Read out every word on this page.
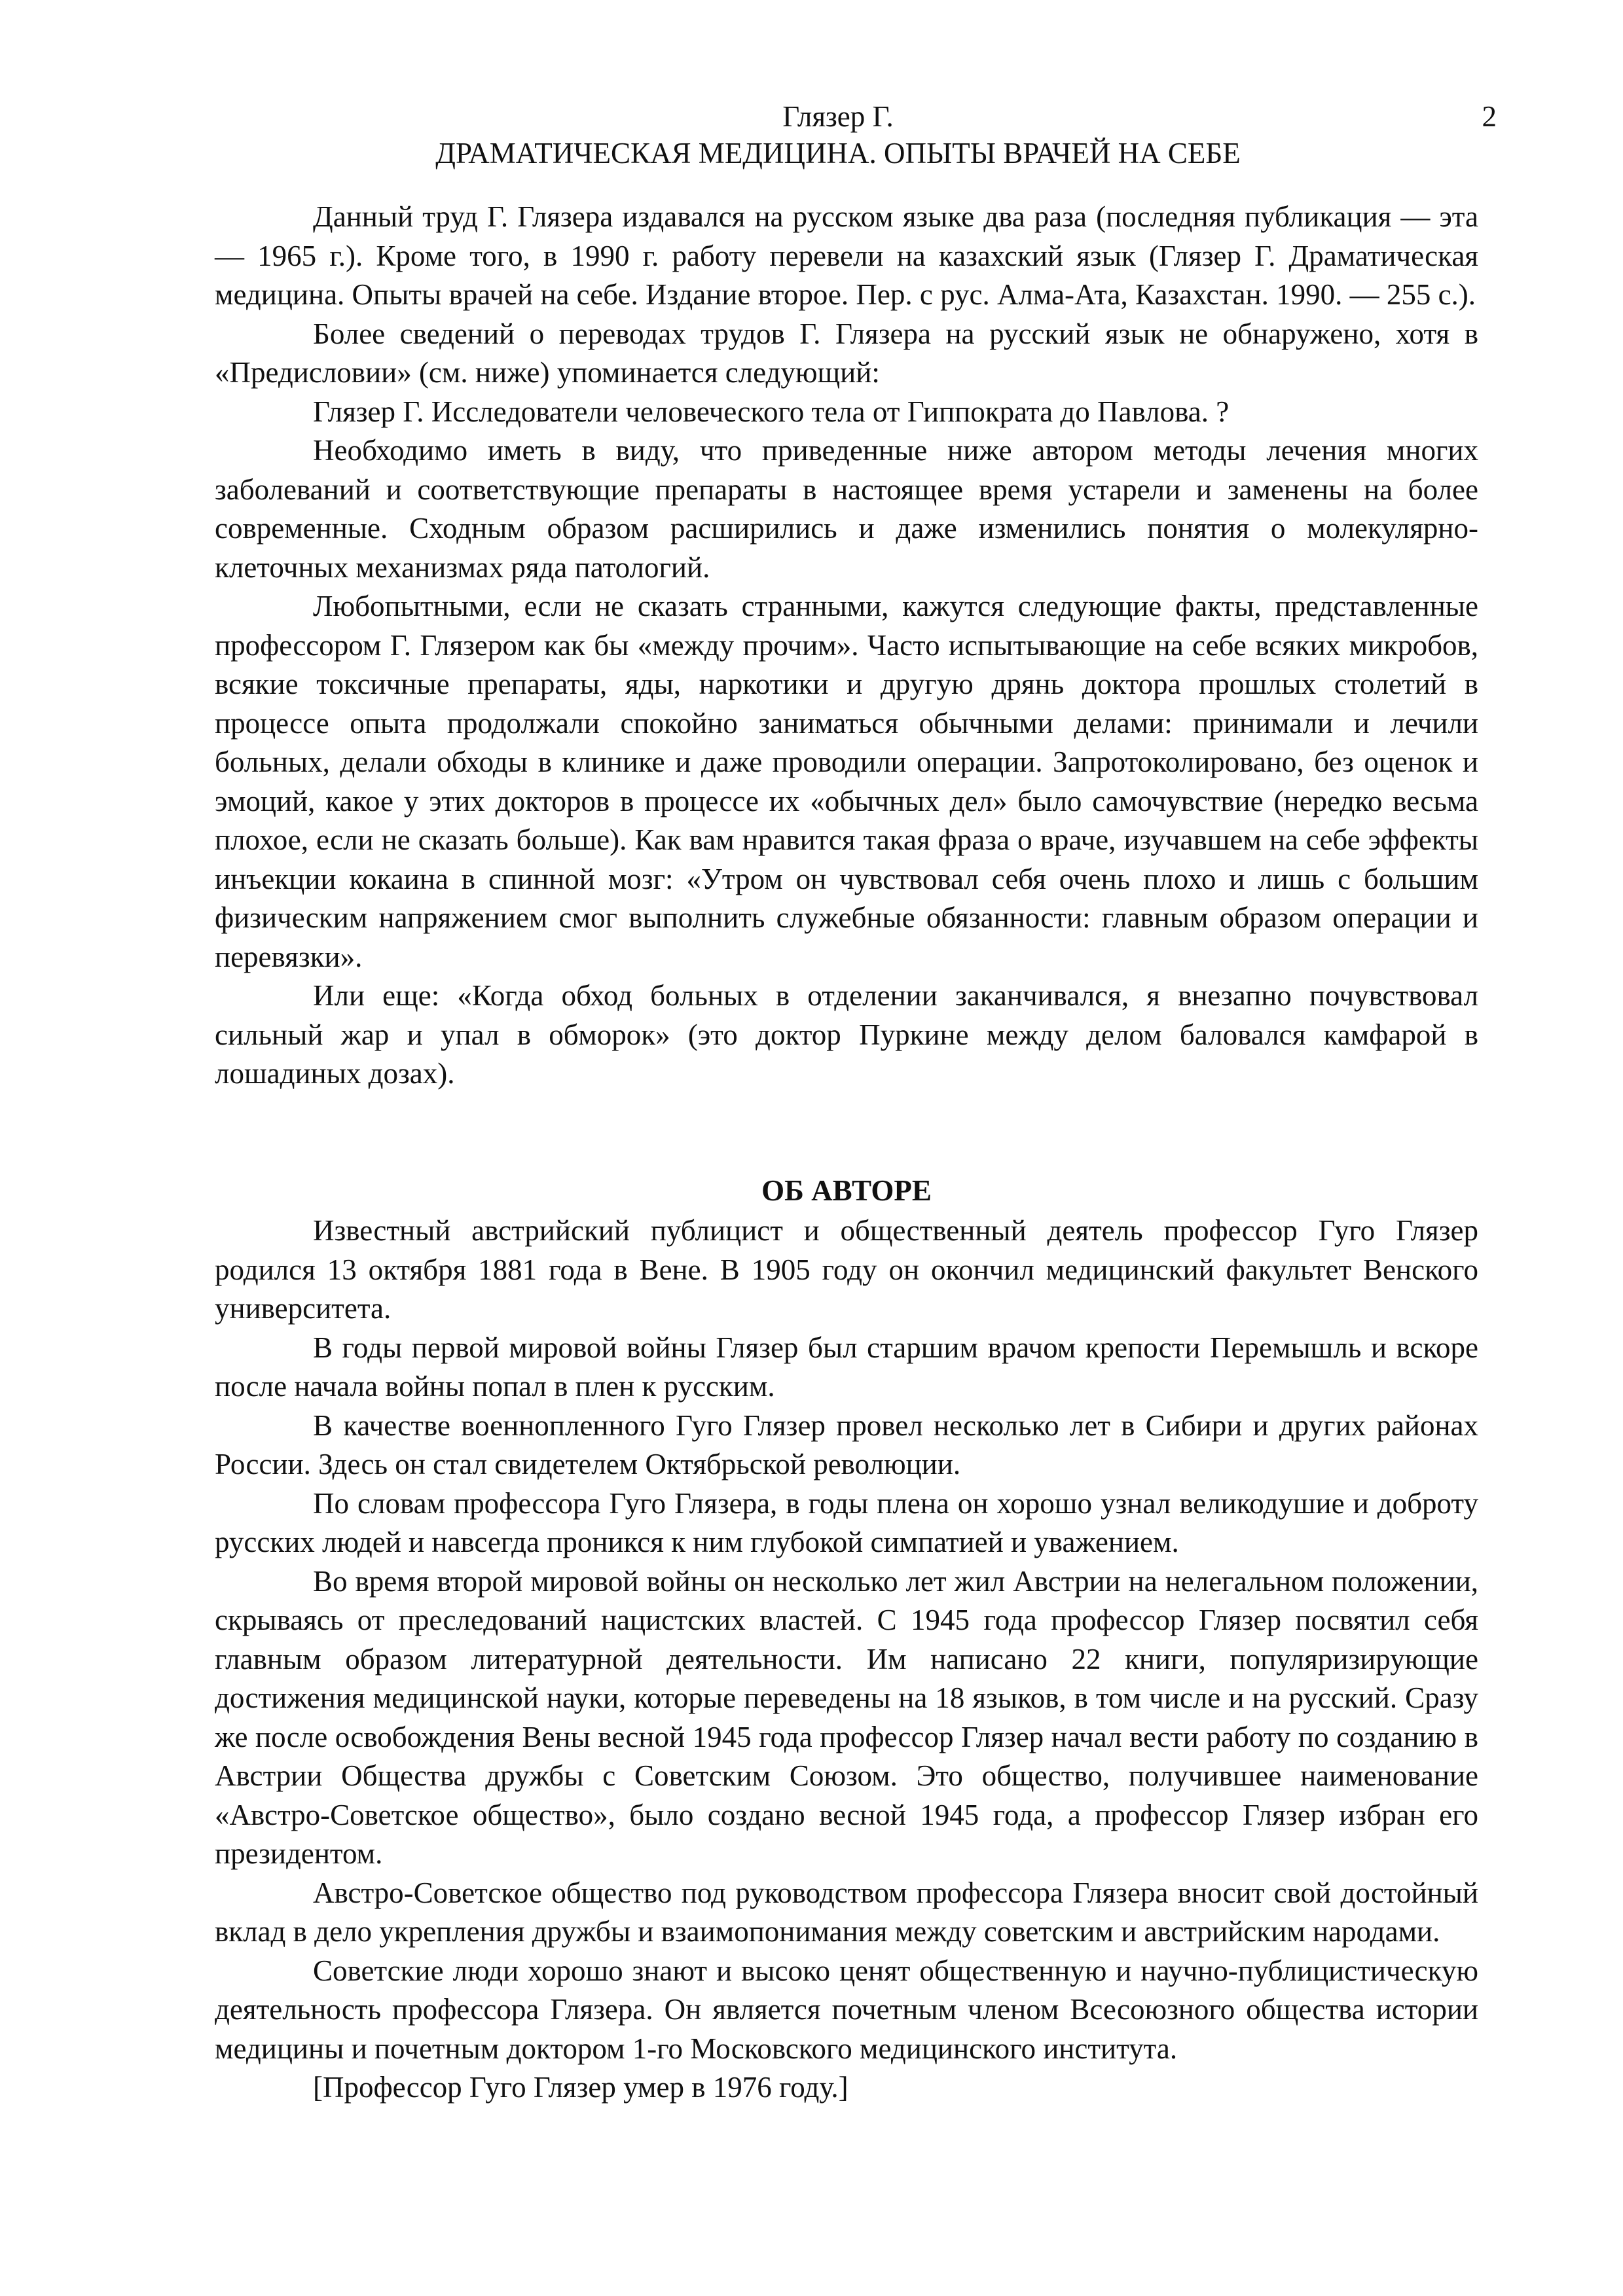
Глязер Г.
ДРАМАТИЧЕСКАЯ МЕДИЦИНА. ОПЫТЫ ВРАЧЕЙ НА СЕБЕ
2

Данный труд Г. Глязера издавался на русском языке два раза (последняя публикация — эта — 1965 г.). Кроме того, в 1990 г. работу перевели на казахский язык (Глязер Г. Драматическая медицина. Опыты врачей на себе. Издание второе. Пер. с рус. Алма-Ата, Казахстан. 1990. — 255 с.).

Более сведений о переводах трудов Г. Глязера на русский язык не обнаружено, хотя в «Предисловии» (см. ниже) упоминается следующий:

Глязер Г. Исследователи человеческого тела от Гиппократа до Павлова. ?

Необходимо иметь в виду, что приведенные ниже автором методы лечения многих заболеваний и соответствующие препараты в настоящее время устарели и заменены на более современные. Сходным образом расширились и даже изменились понятия о молекулярно-клеточных механизмах ряда патологий.

Любопытными, если не сказать странными, кажутся следующие факты, представленные профессором Г. Глязером как бы «между прочим». Часто испытывающие на себе всяких микробов, всякие токсичные препараты, яды, наркотики и другую дрянь доктора прошлых столетий в процессе опыта продолжали спокойно заниматься обычными делами: принимали и лечили больных, делали обходы в клинике и даже проводили операции. Запротоколировано, без оценок и эмоций, какое у этих докторов в процессе их «обычных дел» было самочувствие (нередко весьма плохое, если не сказать больше). Как вам нравится такая фраза о враче, изучавшем на себе эффекты инъекции кокаина в спинной мозг: «Утром он чувствовал себя очень плохо и лишь с большим физическим напряжением смог выполнить служебные обязанности: главным образом операции и перевязки».

Или еще: «Когда обход больных в отделении заканчивался, я внезапно почувствовал сильный жар и упал в обморок» (это доктор Пуркине между делом баловался камфарой в лошадиных дозах).

ОБ АВТОРЕ

Известный австрийский публицист и общественный деятель профессор Гуго Глязер родился 13 октября 1881 года в Вене. В 1905 году он окончил медицинский факультет Венского университета.

В годы первой мировой войны Глязер был старшим врачом крепости Перемышль и вскоре после начала войны попал в плен к русским.

В качестве военнопленного Гуго Глязер провел несколько лет в Сибири и других районах России. Здесь он стал свидетелем Октябрьской революции.

По словам профессора Гуго Глязера, в годы плена он хорошо узнал великодушие и доброту русских людей и навсегда проникся к ним глубокой симпатией и уважением.

Во время второй мировой войны он несколько лет жил Австрии на нелегальном положении, скрываясь от преследований нацистских властей. С 1945 года профессор Глязер посвятил себя главным образом литературной деятельности. Им написано 22 книги, популяризирующие достижения медицинской науки, которые переведены на 18 языков, в том числе и на русский. Сразу же после освобождения Вены весной 1945 года профессор Глязер начал вести работу по созданию в Австрии Общества дружбы с Советским Союзом. Это общество, получившее наименование «Австро-Советское общество», было создано весной 1945 года, а профессор Глязер избран его президентом.

Австро-Советское общество под руководством профессора Глязера вносит свой достойный вклад в дело укрепления дружбы и взаимопонимания между советским и австрийским народами.

Советские люди хорошо знают и высоко ценят общественную и научно-публицистическую деятельность профессора Глязера. Он является почетным членом Всесоюзного общества истории медицины и почетным доктором 1-го Московского медицинского института.

[Профессор Гуго Глязер умер в 1976 году.]
